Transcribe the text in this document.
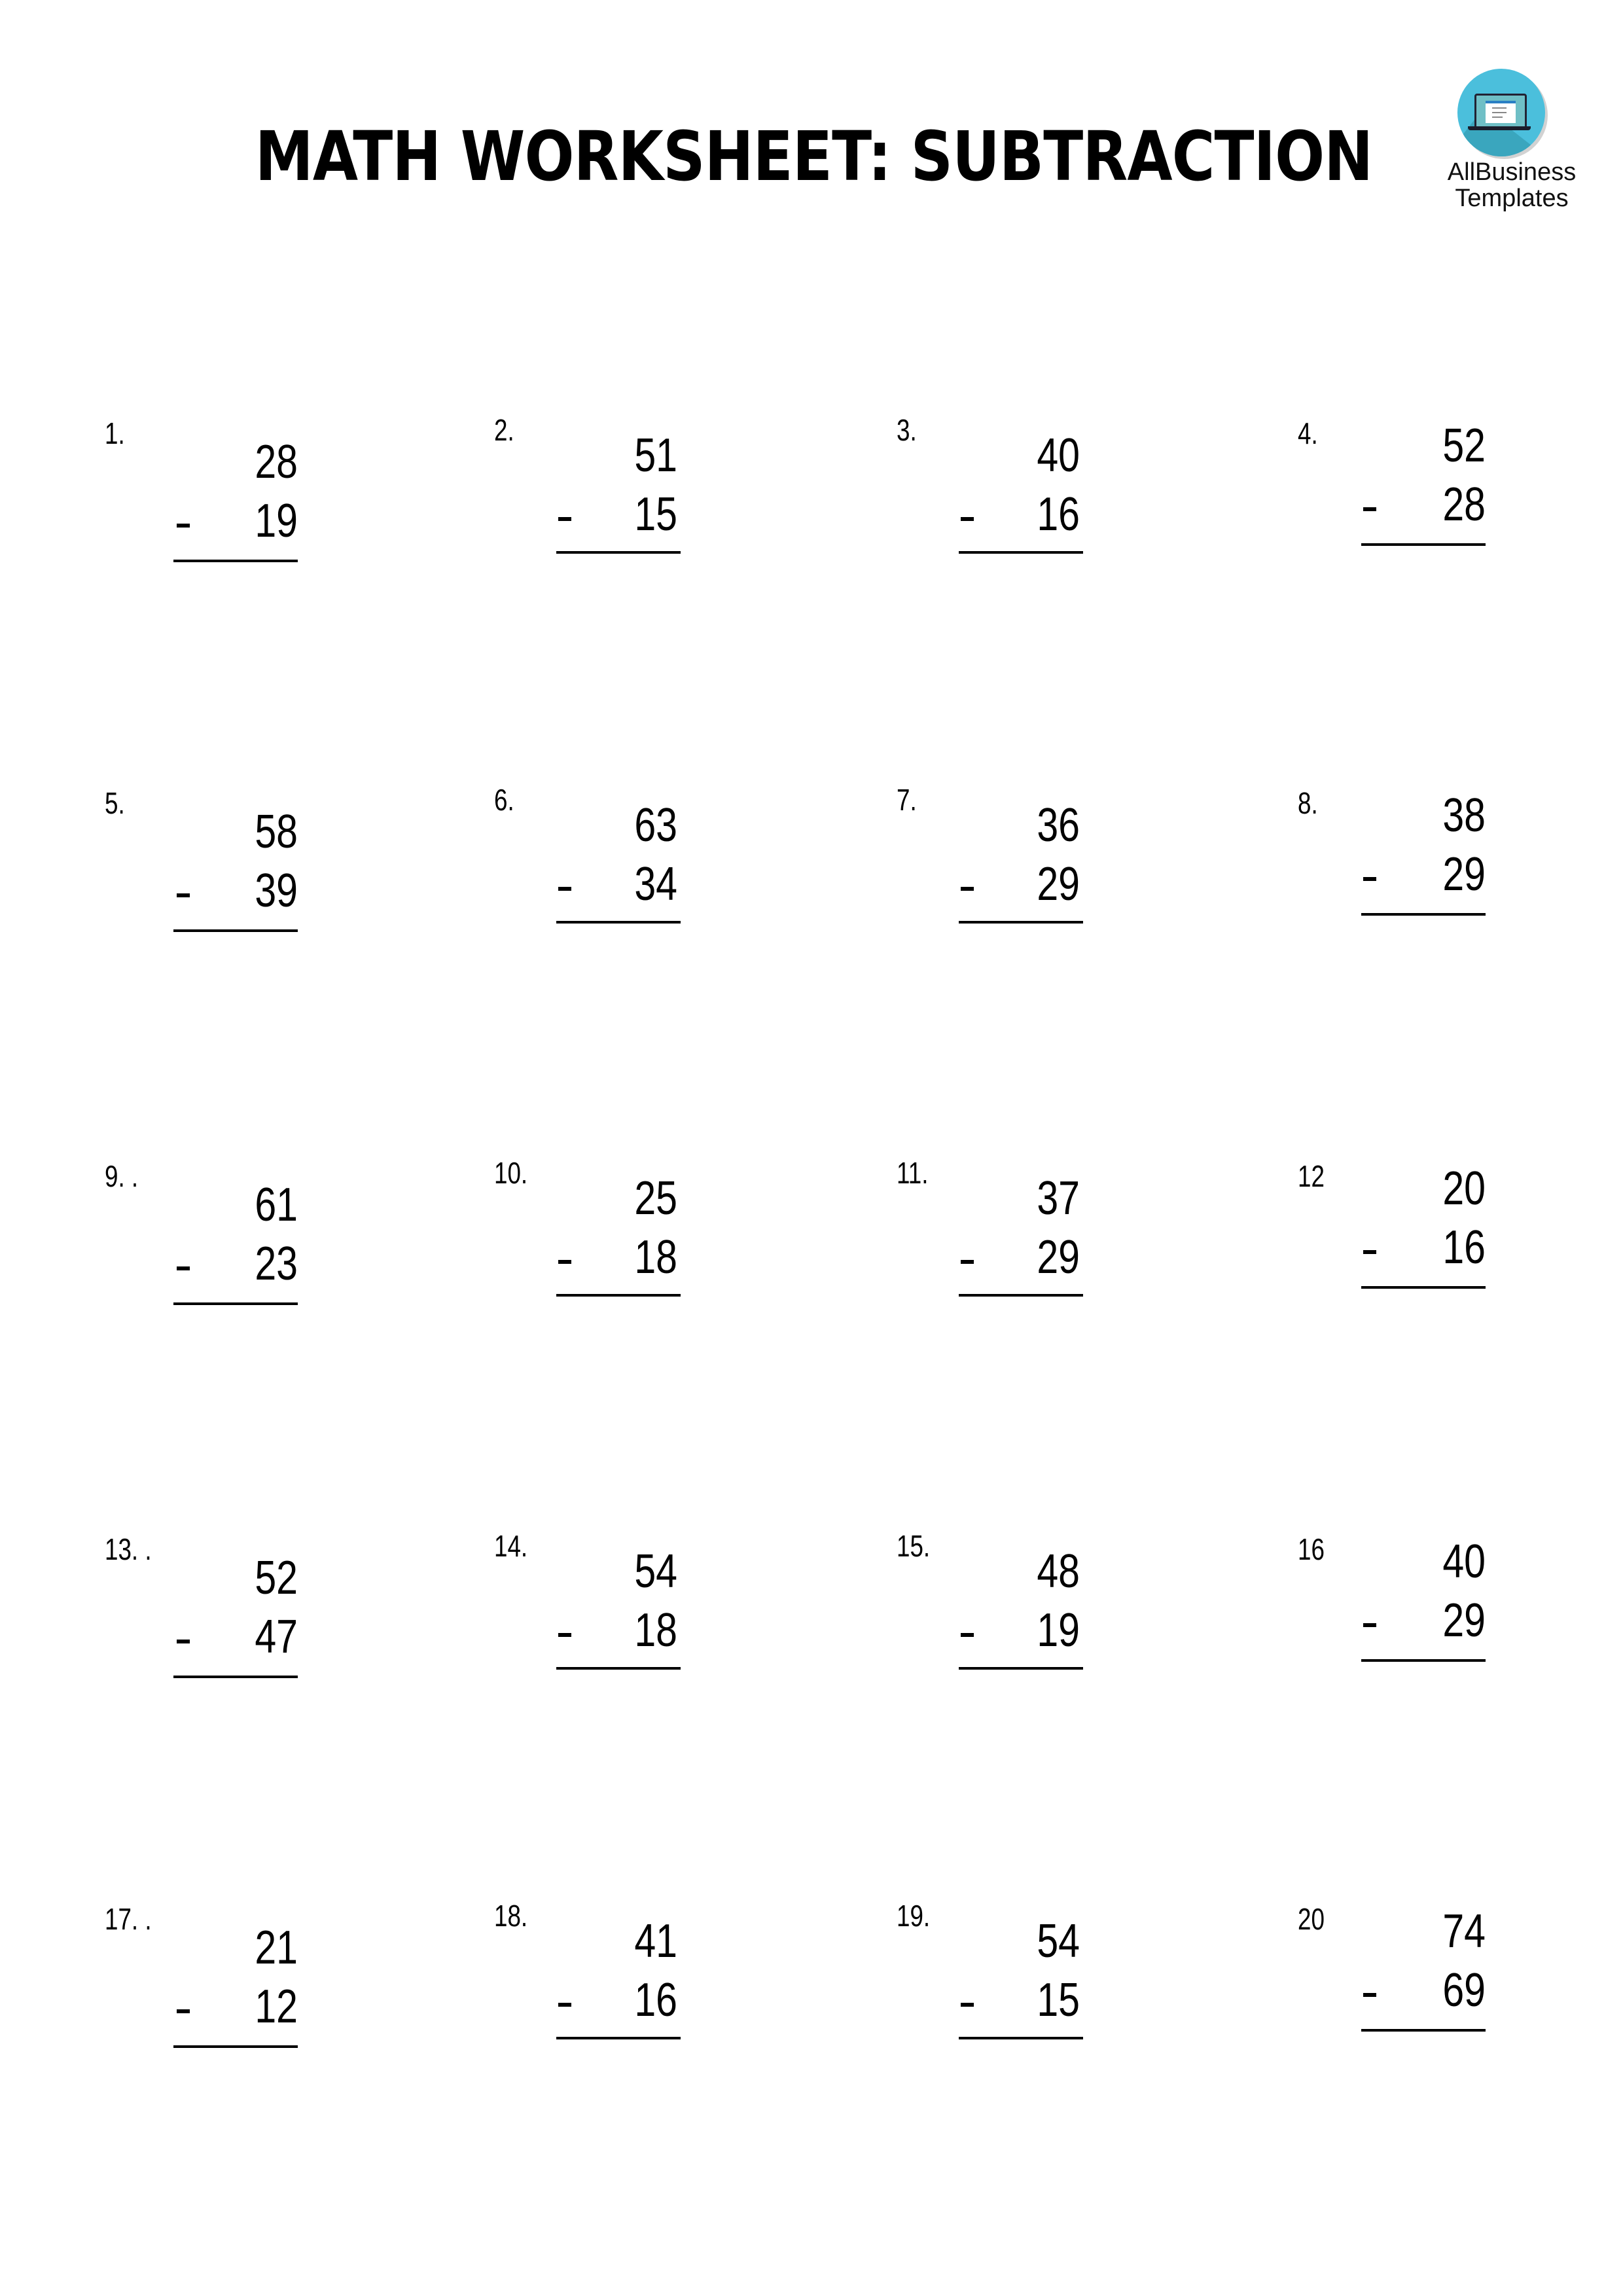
MATH WORKSHEET: SUBTRACTION	AllBusiness
Templates
1.
28
19
2.	51
15
3.	40
16
4.	52
28
5.
58
39
6.	63
34
7.	36
29
8.	38
29
9. .
61
23
10.	25
18
11.	37
29
12	20
16
13. .
52
47
14.	54
18
15.	48
19
16	40
29
17. .
21
12
18.	41
16
19.	54
15
20	74
69
